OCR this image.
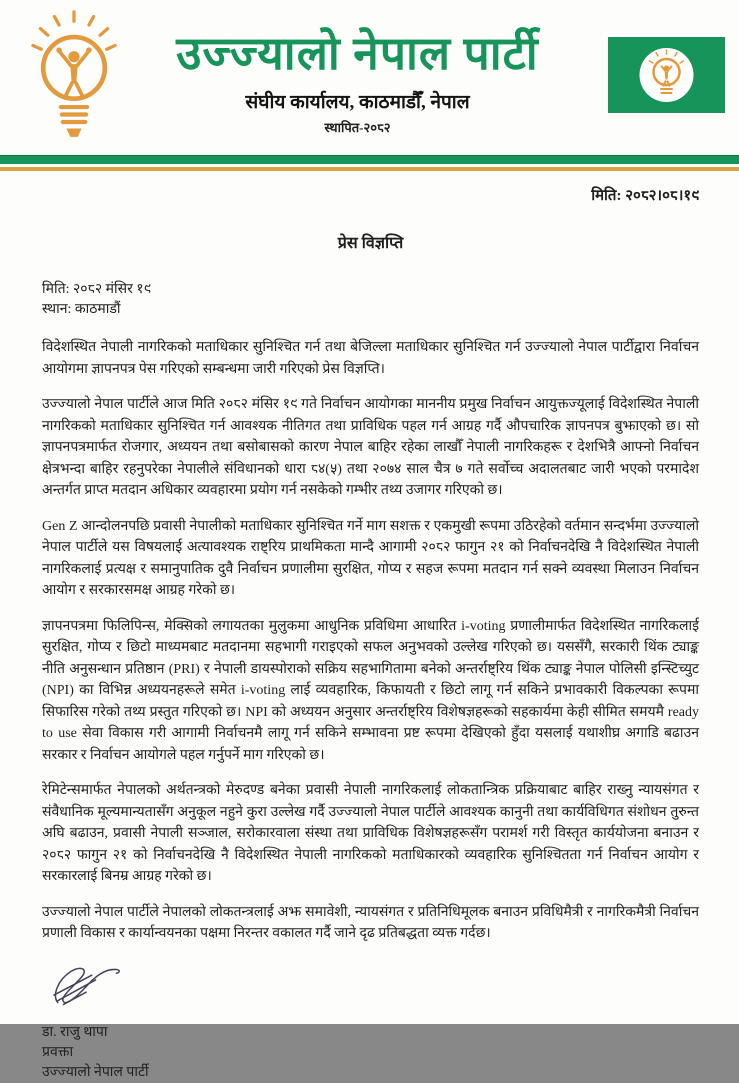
उज्ज्यालो नेपाल पार्टी
संघीय कार्यालय, काठमाडौँ, नेपाल
स्थापित-२०८२
मिति: २०८२।०८।१९
प्रेस विज्ञप्ति
मिति: २०८२ मंसिर १९
स्थान: काठमाडौं

विदेशस्थित नेपाली नागरिकको मताधिकार सुनिश्चित गर्न तथा बेजिल्ला मताधिकार सुनिश्चित गर्न उज्ज्यालो नेपाल पार्टीद्वारा निर्वाचन आयोगमा ज्ञापनपत्र पेस गरिएको सम्बन्धमा जारी गरिएको प्रेस विज्ञप्ति।

उज्ज्यालो नेपाल पार्टीले आज मिति २०८२ मंसिर १९ गते निर्वाचन आयोगका माननीय प्रमुख निर्वाचन आयुक्तज्यूलाई विदेशस्थित नेपाली नागरिकको मताधिकार सुनिश्चित गर्न आवश्यक नीतिगत तथा प्राविधिक पहल गर्न आग्रह गर्दै औपचारिक ज्ञापनपत्र बुझाएको छ। सो ज्ञापनपत्रमार्फत रोजगार, अध्ययन तथा बसोबासको कारण नेपाल बाहिर रहेका लाखौँ नेपाली नागरिकहरू र देशभित्रै आफ्नो निर्वाचन क्षेत्रभन्दा बाहिर रहनुपरेका नेपालीले संविधानको धारा ८४(५) तथा २०७४ साल चैत्र ७ गते सर्वोच्च अदालतबाट जारी भएको परमादेश अन्तर्गत प्राप्त मतदान अधिकार व्यवहारमा प्रयोग गर्न नसकेको गम्भीर तथ्य उजागर गरिएको छ।

Gen Z आन्दोलनपछि प्रवासी नेपालीको मताधिकार सुनिश्चित गर्ने माग सशक्त र एकमुखी रूपमा उठिरहेको वर्तमान सन्दर्भमा उज्ज्यालो नेपाल पार्टीले यस विषयलाई अत्यावश्यक राष्ट्रिय प्राथमिकता मान्दै आगामी २०८२ फागुन २१ को निर्वाचनदेखि नै विदेशस्थित नेपाली नागरिकलाई प्रत्यक्ष र समानुपातिक दुवै निर्वाचन प्रणालीमा सुरक्षित, गोप्य र सहज रूपमा मतदान गर्न सक्ने व्यवस्था मिलाउन निर्वाचन आयोग र सरकारसमक्ष आग्रह गरेको छ।

ज्ञापनपत्रमा फिलिपिन्स, मेक्सिको लगायतका मुलुकमा आधुनिक प्रविधिमा आधारित i-voting प्रणालीमार्फत विदेशस्थित नागरिकलाई सुरक्षित, गोप्य र छिटो माध्यमबाट मतदानमा सहभागी गराइएको सफल अनुभवको उल्लेख गरिएको छ। यससँगै, सरकारी थिंक ट्याङ्क नीति अनुसन्धान प्रतिष्ठान (PRI) र नेपाली डायस्पोराको सक्रिय सहभागितामा बनेको अन्तर्राष्ट्रिय थिंक ट्याङ्क नेपाल पोलिसी इन्स्टिच्युट (NPI) का विभिन्न अध्ययनहरूले समेत i-voting लाई व्यवहारिक, किफायती र छिटो लागू गर्न सकिने प्रभावकारी विकल्पका रूपमा सिफारिस गरेको तथ्य प्रस्तुत गरिएको छ। NPI को अध्ययन अनुसार अन्तर्राष्ट्रिय विशेषज्ञहरूको सहकार्यमा केही सीमित समयमै ready to use सेवा विकास गरी आगामी निर्वाचनमै लागू गर्न सकिने सम्भावना प्रष्ट रूपमा देखिएको हुँदा यसलाई यथाशीघ्र अगाडि बढाउन सरकार र निर्वाचन आयोगले पहल गर्नुपर्ने माग गरिएको छ।

रेमिटेन्समार्फत नेपालको अर्थतन्त्रको मेरुदण्ड बनेका प्रवासी नेपाली नागरिकलाई लोकतान्त्रिक प्रक्रियाबाट बाहिर राख्नु न्यायसंगत र संवैधानिक मूल्यमान्यतासँग अनुकूल नहुने कुरा उल्लेख गर्दै उज्ज्यालो नेपाल पार्टीले आवश्यक कानुनी तथा कार्यविधिगत संशोधन तुरुन्त अघि बढाउन, प्रवासी नेपाली सञ्जाल, सरोकारवाला संस्था तथा प्राविधिक विशेषज्ञहरूसँग परामर्श गरी विस्तृत कार्ययोजना बनाउन र २०८२ फागुन २१ को निर्वाचनदेखि नै विदेशस्थित नेपाली नागरिकको मताधिकारको व्यवहारिक सुनिश्चितता गर्न निर्वाचन आयोग र सरकारलाई बिनम्र आग्रह गरेको छ।

उज्ज्यालो नेपाल पार्टीले नेपालको लोकतन्त्रलाई अझ समावेशी, न्यायसंगत र प्रतिनिधिमूलक बनाउन प्रविधिमैत्री र नागरिकमैत्री निर्वाचन प्रणाली विकास र कार्यान्वयनका पक्षमा निरन्तर वकालत गर्दै जाने दृढ प्रतिबद्धता व्यक्त गर्दछ।

डा. राजु थापा
प्रवक्ता
उज्ज्यालो नेपाल पार्टी
